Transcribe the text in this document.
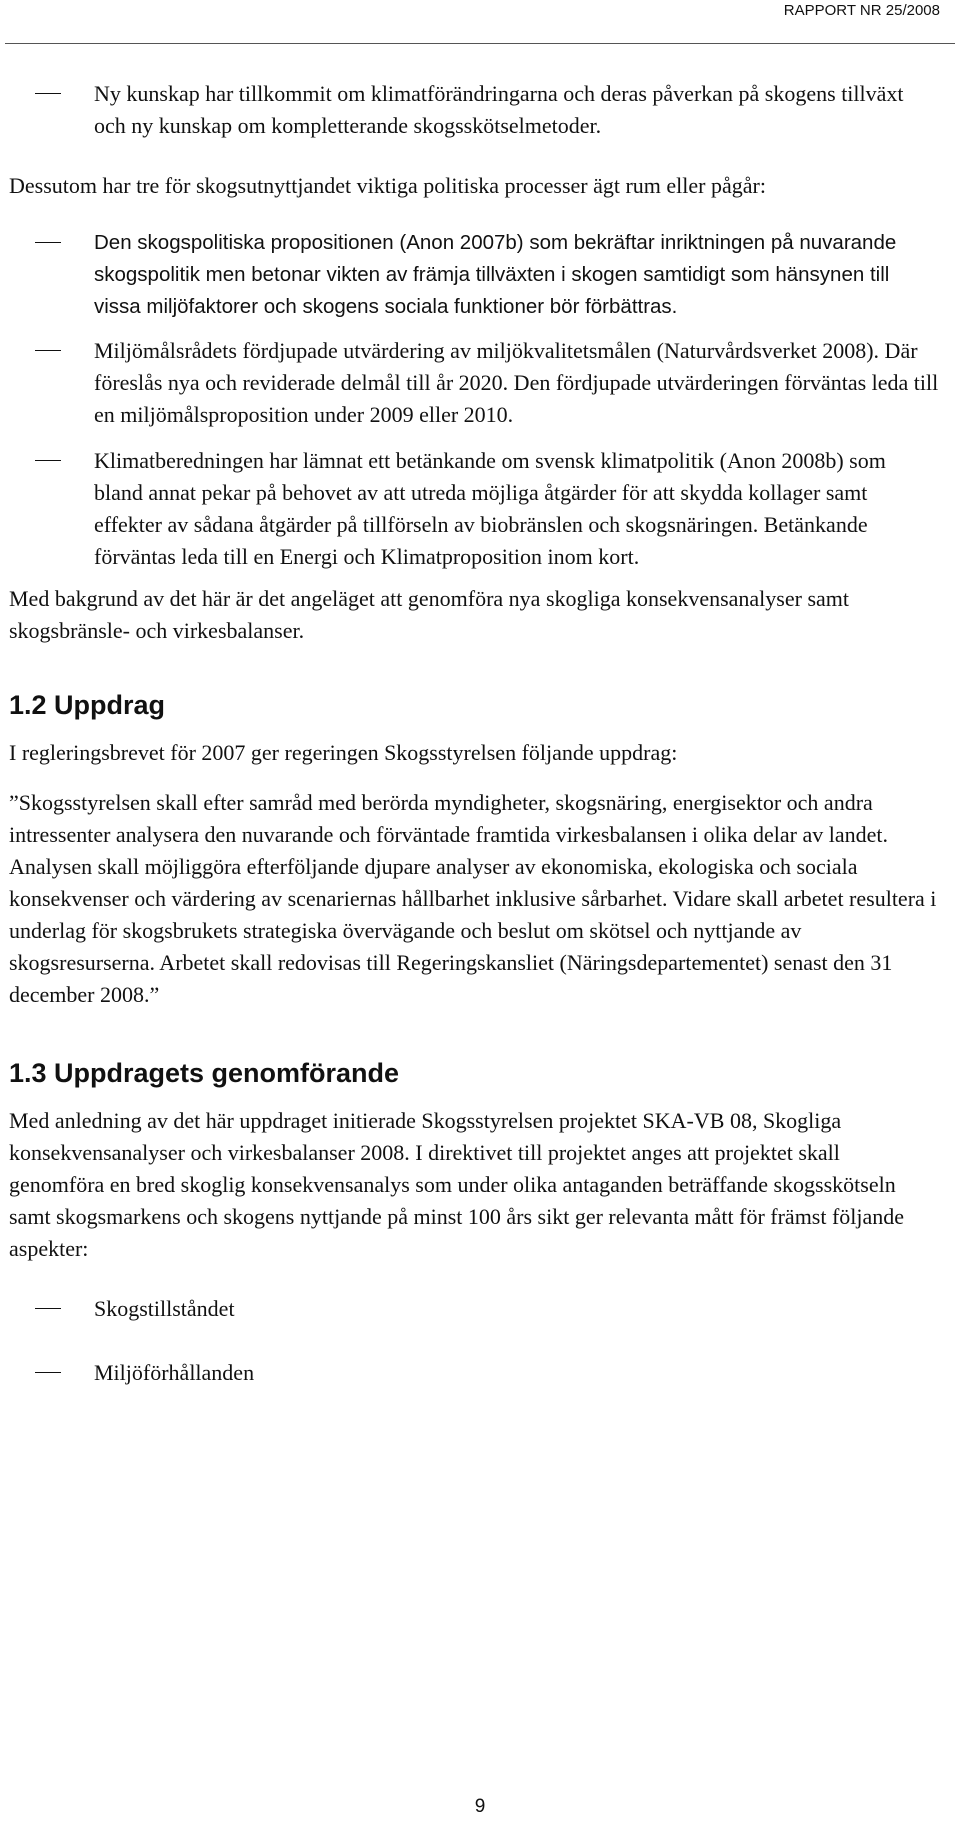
RAPPORT NR 25/2008

Ny kunskap har tillkommit om klimatförändringarna och deras påverkan på skogens tillväxt och ny kunskap om kompletterande skogsskötselmetoder.

Dessutom har tre för skogsutnyttjandet viktiga politiska processer ägt rum eller pågår:

Den skogspolitiska propositionen (Anon 2007b) som bekräftar inriktningen på nuvarande skogspolitik men betonar vikten av främja tillväxten i skogen samtidigt som hänsynen till vissa miljöfaktorer och skogens sociala funktioner bör förbättras.
Miljömålsrådets fördjupade utvärdering av miljökvalitetsmålen (Naturvårdsverket 2008). Där föreslås nya och reviderade delmål till år 2020. Den fördjupade utvärderingen förväntas leda till en miljömålsproposition under 2009 eller 2010.
Klimatberedningen har lämnat ett betänkande om svensk klimatpolitik (Anon 2008b) som bland annat pekar på behovet av att utreda möjliga åtgärder för att skydda kollager samt effekter av sådana åtgärder på tillförseln av biobränslen och skogsnäringen. Betänkande förväntas leda till en Energi och Klimatproposition inom kort.

Med bakgrund av det här är det angeläget att genomföra nya skogliga konsekvensanalyser samt skogsbränsle- och virkesbalanser.

1.2 Uppdrag

I regleringsbrevet för 2007 ger regeringen Skogsstyrelsen följande uppdrag:

”Skogsstyrelsen skall efter samråd med berörda myndigheter, skogsnäring, energisektor och andra intressenter analysera den nuvarande och förväntade framtida virkesbalansen i olika delar av landet. Analysen skall möjliggöra efterföljande djupare analyser av ekonomiska, ekologiska och sociala konsekvenser och värdering av scenariernas hållbarhet inklusive sårbarhet. Vidare skall arbetet resultera i underlag för skogsbrukets strategiska övervägande och beslut om skötsel och nyttjande av skogsresurserna. Arbetet skall redovisas till Regeringskansliet (Näringsdepartementet) senast den 31 december 2008.”

1.3 Uppdragets genomförande

Med anledning av det här uppdraget initierade Skogsstyrelsen projektet SKA-VB 08, Skogliga konsekvensanalyser och virkesbalanser 2008. I direktivet till projektet anges att projektet skall genomföra en bred skoglig konsekvensanalys som under olika antaganden beträffande skogsskötseln samt skogsmarkens och skogens nyttjande på minst 100 års sikt ger relevanta mått för främst följande aspekter:

Skogstillståndet
Miljöförhållanden
9
